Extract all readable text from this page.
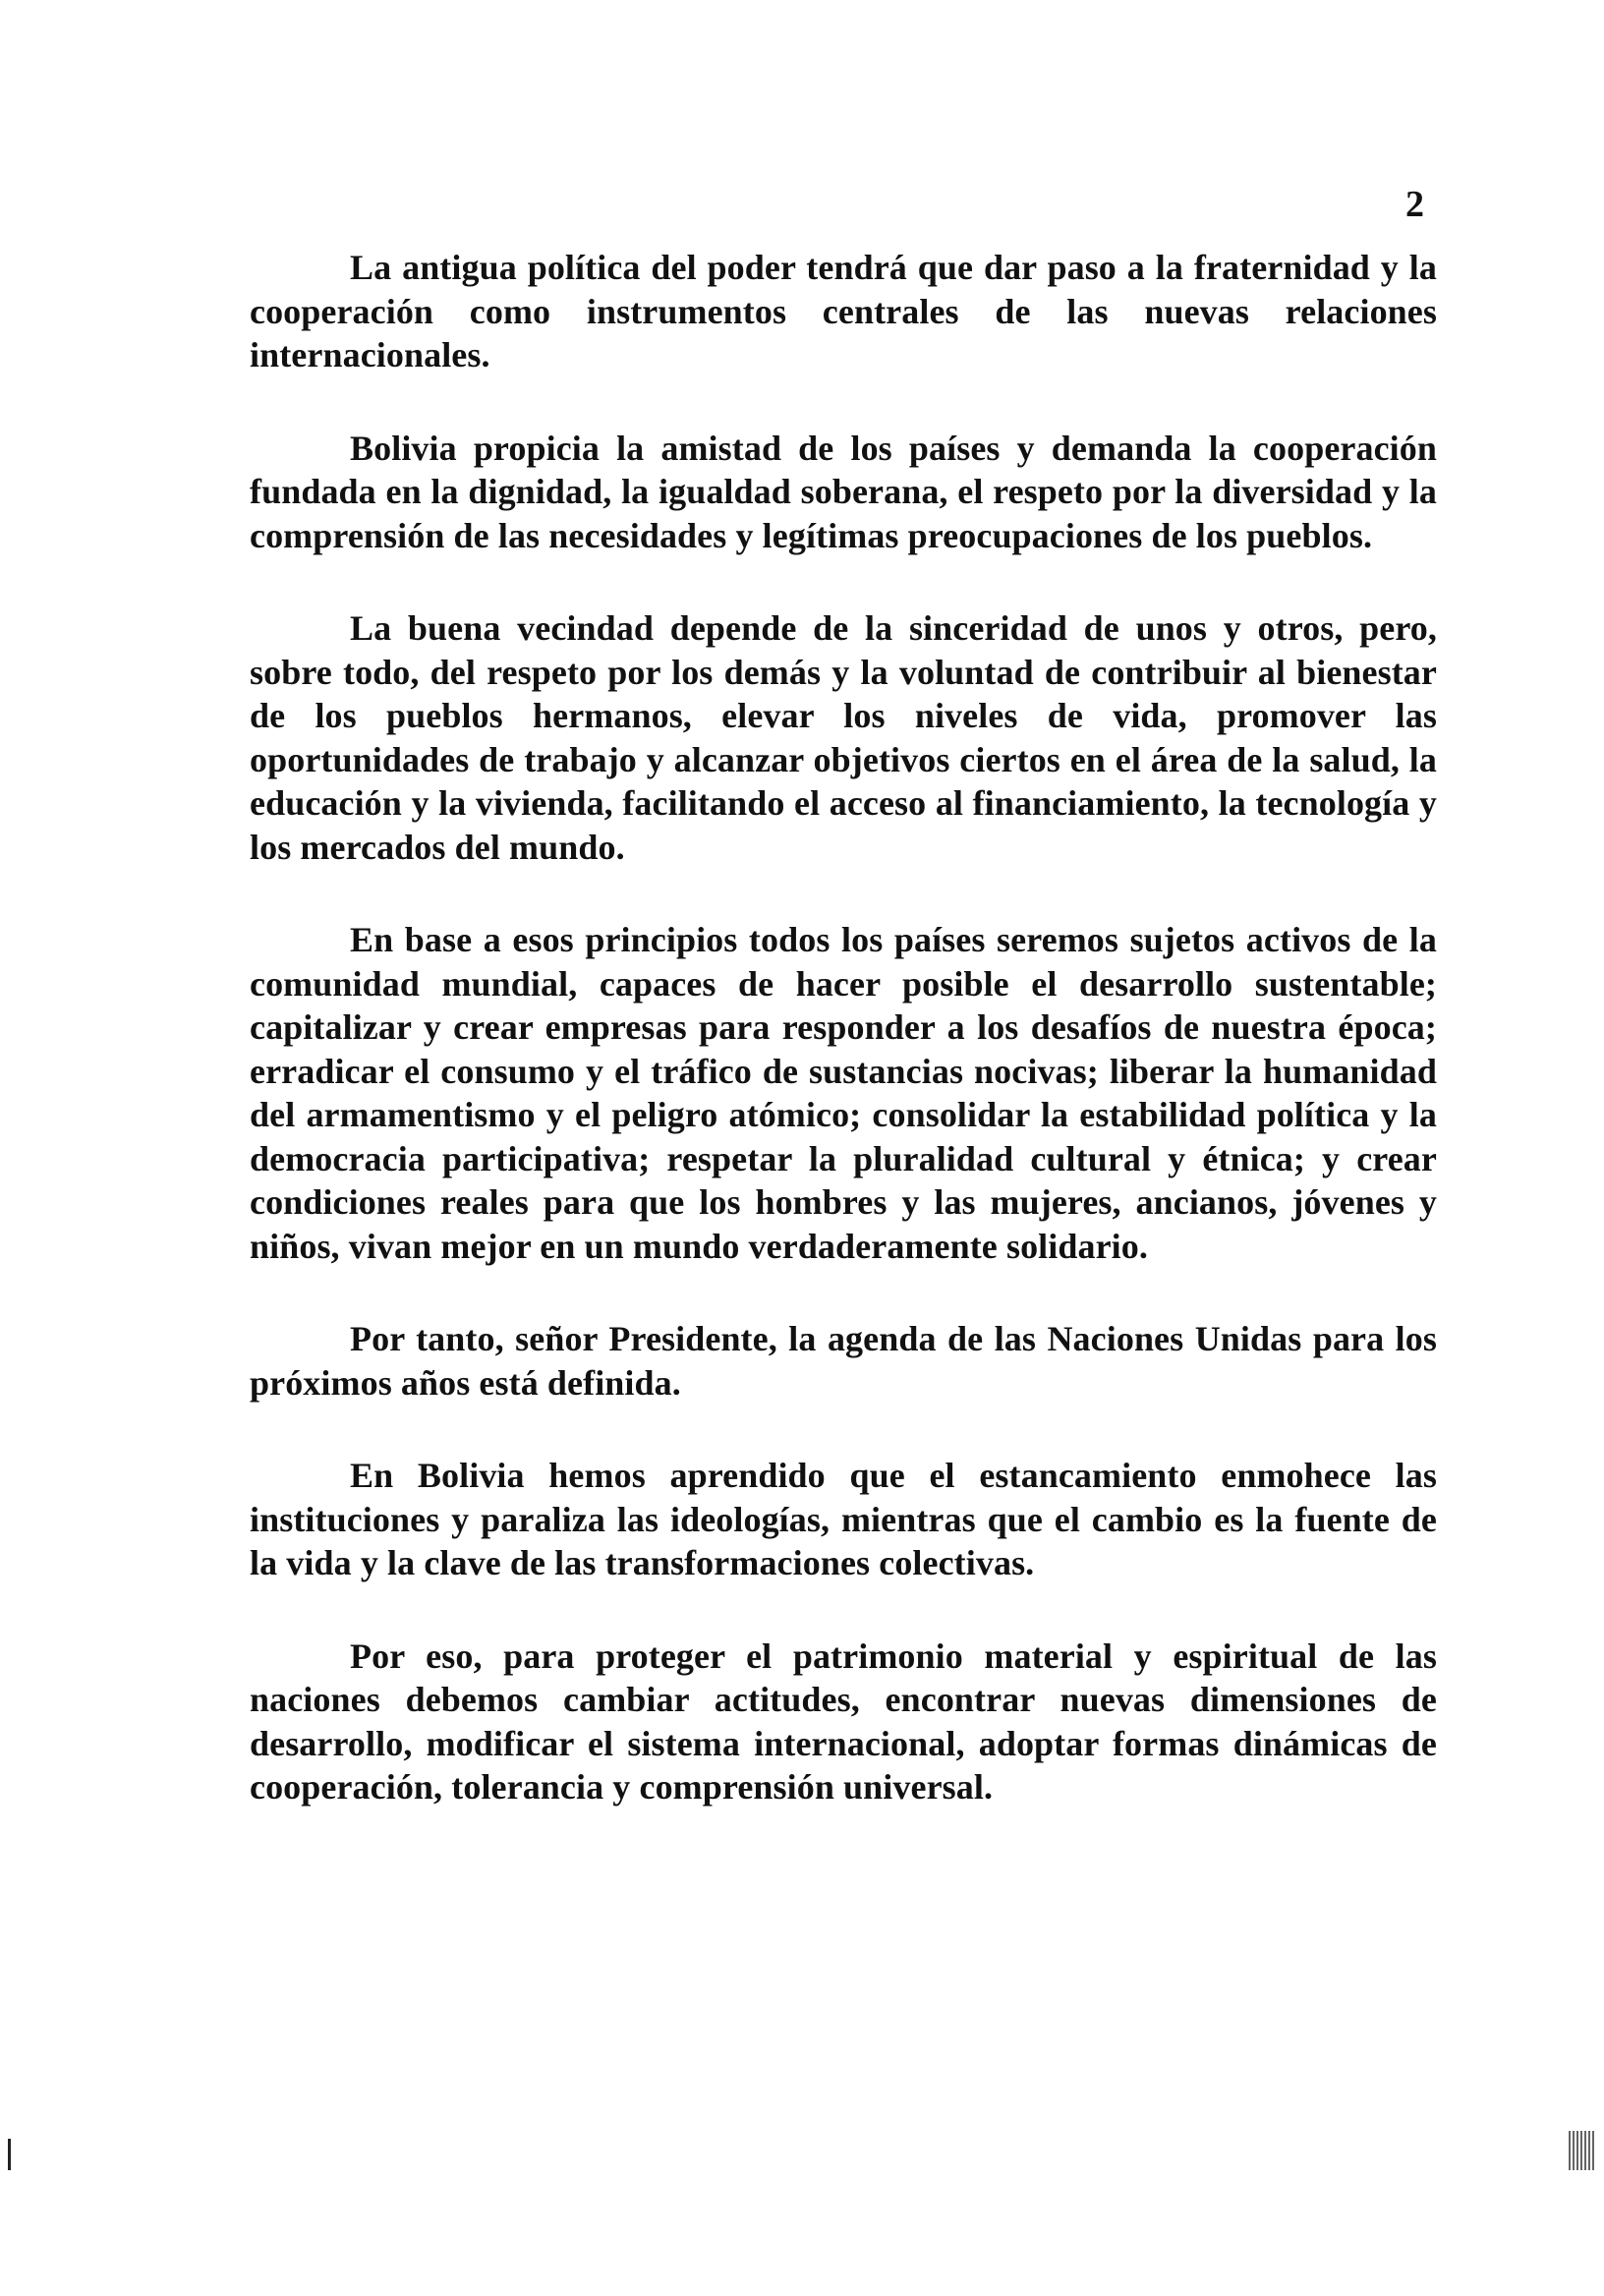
2

La antigua política del poder tendrá que dar paso a la fraternidad y la cooperación como instrumentos centrales de las nuevas relaciones internacionales.

Bolivia propicia la amistad de los países y demanda la cooperación fundada en la dignidad, la igualdad soberana, el respeto por la diversidad y la comprensión de las necesidades y legítimas preocupaciones de los pueblos.

La buena vecindad depende de la sinceridad de unos y otros, pero, sobre todo, del respeto por los demás y la voluntad de contribuir al bienestar de los pueblos hermanos, elevar los niveles de vida, promover las oportunidades de trabajo y alcanzar objetivos ciertos en el área de la salud, la educación y la vivienda, facilitando el acceso al financiamiento, la tecnología y los mercados del mundo.

En base a esos principios todos los países seremos sujetos activos de la comunidad mundial, capaces de hacer posible el desarrollo sustentable; capitalizar y crear empresas para responder a los desafíos de nuestra época; erradicar el consumo y el tráfico de sustancias nocivas; liberar la humanidad del armamentismo y el peligro atómico; consolidar la estabilidad política y la democracia participativa; respetar la pluralidad cultural y étnica; y crear condiciones reales para que los hombres y las mujeres, ancianos, jóvenes y niños, vivan mejor en un mundo verdaderamente solidario.

Por tanto, señor Presidente, la agenda de las Naciones Unidas para los próximos años está definida.

En Bolivia hemos aprendido que el estancamiento enmohece las instituciones y paraliza las ideologías, mientras que el cambio es la fuente de la vida y la clave de las transformaciones colectivas.

Por eso, para proteger el patrimonio material y espiritual de las naciones debemos cambiar actitudes, encontrar nuevas dimensiones de desarrollo, modificar el sistema internacional, adoptar formas dinámicas de cooperación, tolerancia y comprensión universal.
